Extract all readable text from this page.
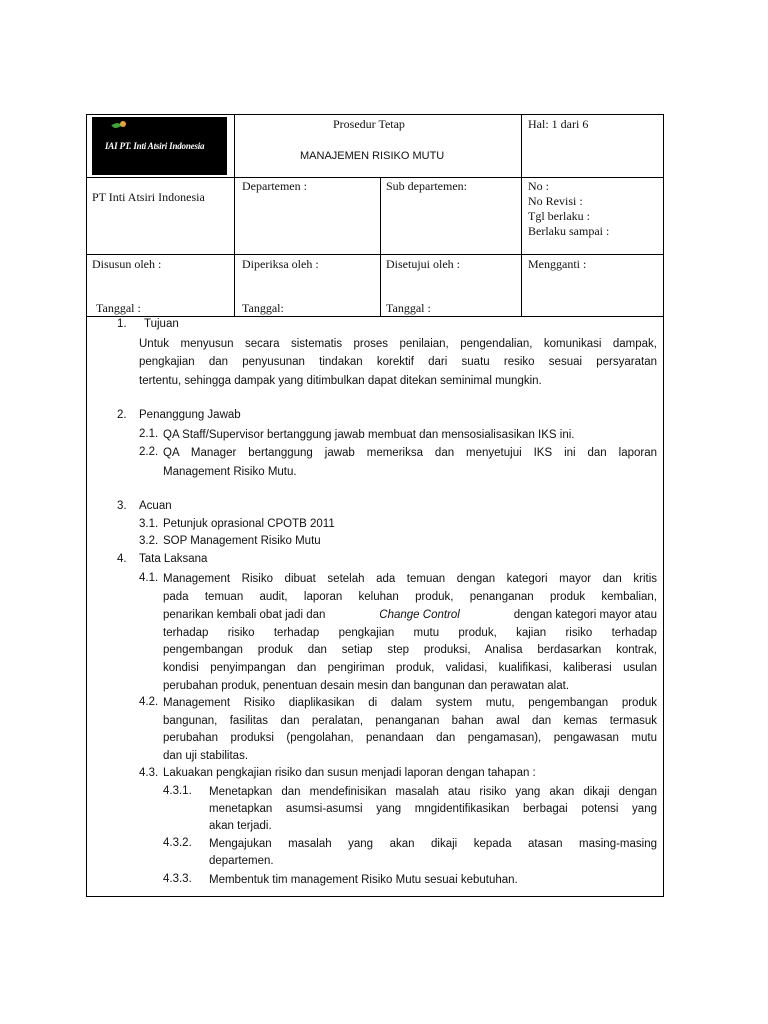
IAI PT. Inti Atsiri Indonesia
PT Inti Atsiri Indonesia
Prosedur Tetap
MANAJEMEN RISIKO MUTU
Hal: 1 dari 6
Departemen :	Sub departemen:	No :
No Revisi :
Tgl berlaku :
Berlaku sampai :
Disusun oleh :	Diperiksa oleh :	Disetujui oleh :	Mengganti :
Tanggal :	Tanggal:	Tanggal :
1. Tujuan
Untuk menyusun secara sistematis proses penilaian, pengendalian, komunikasi dampak,
pengkajian dan penyusunan tindakan korektif dari suatu resiko sesuai persyaratan
tertentu, sehingga dampak yang ditimbulkan dapat ditekan seminimal mungkin.
2. Penanggung Jawab
2.1. QA Staff/Supervisor bertanggung jawab membuat dan mensosialisasikan IKS ini.
2.2. QA Manager bertanggung jawab memeriksa dan menyetujui IKS ini dan laporan
Management Risiko Mutu.
3. Acuan
3.1. Petunjuk oprasional CPOTB 2011
3.2. SOP Management Risiko Mutu
4. Tata Laksana
4.1. Management Risiko dibuat setelah ada temuan dengan kategori mayor dan kritis
pada temuan audit, laporan keluhan produk, penanganan produk kembalian,
penarikan kembali obat jadi dan	Change Control	dengan kategori mayor atau
terhadap risiko terhadap pengkajian mutu produk, kajian risiko terhadap
pengembangan produk dan setiap step produksi, Analisa berdasarkan kontrak,
kondisi penyimpangan dan pengiriman produk, validasi, kualifikasi, kaliberasi usulan
perubahan produk, penentuan desain mesin dan bangunan dan perawatan alat.
4.2. Management Risiko diaplikasikan di dalam system mutu, pengembangan produk
bangunan, fasilitas dan peralatan, penanganan bahan awal dan kemas termasuk
perubahan produksi (pengolahan, penandaan dan pengamasan), pengawasan mutu
dan uji stabilitas.
4.3. Lakuakan pengkajian risiko dan susun menjadi laporan dengan tahapan :
4.3.1. Menetapkan dan mendefinisikan masalah atau risiko yang akan dikaji dengan
menetapkan asumsi-asumsi yang mngidentifikasikan berbagai potensi yang
akan terjadi.
4.3.2. Mengajukan masalah yang akan dikaji kepada atasan masing-masing
departemen.
4.3.3. Membentuk tim management Risiko Mutu sesuai kebutuhan.
